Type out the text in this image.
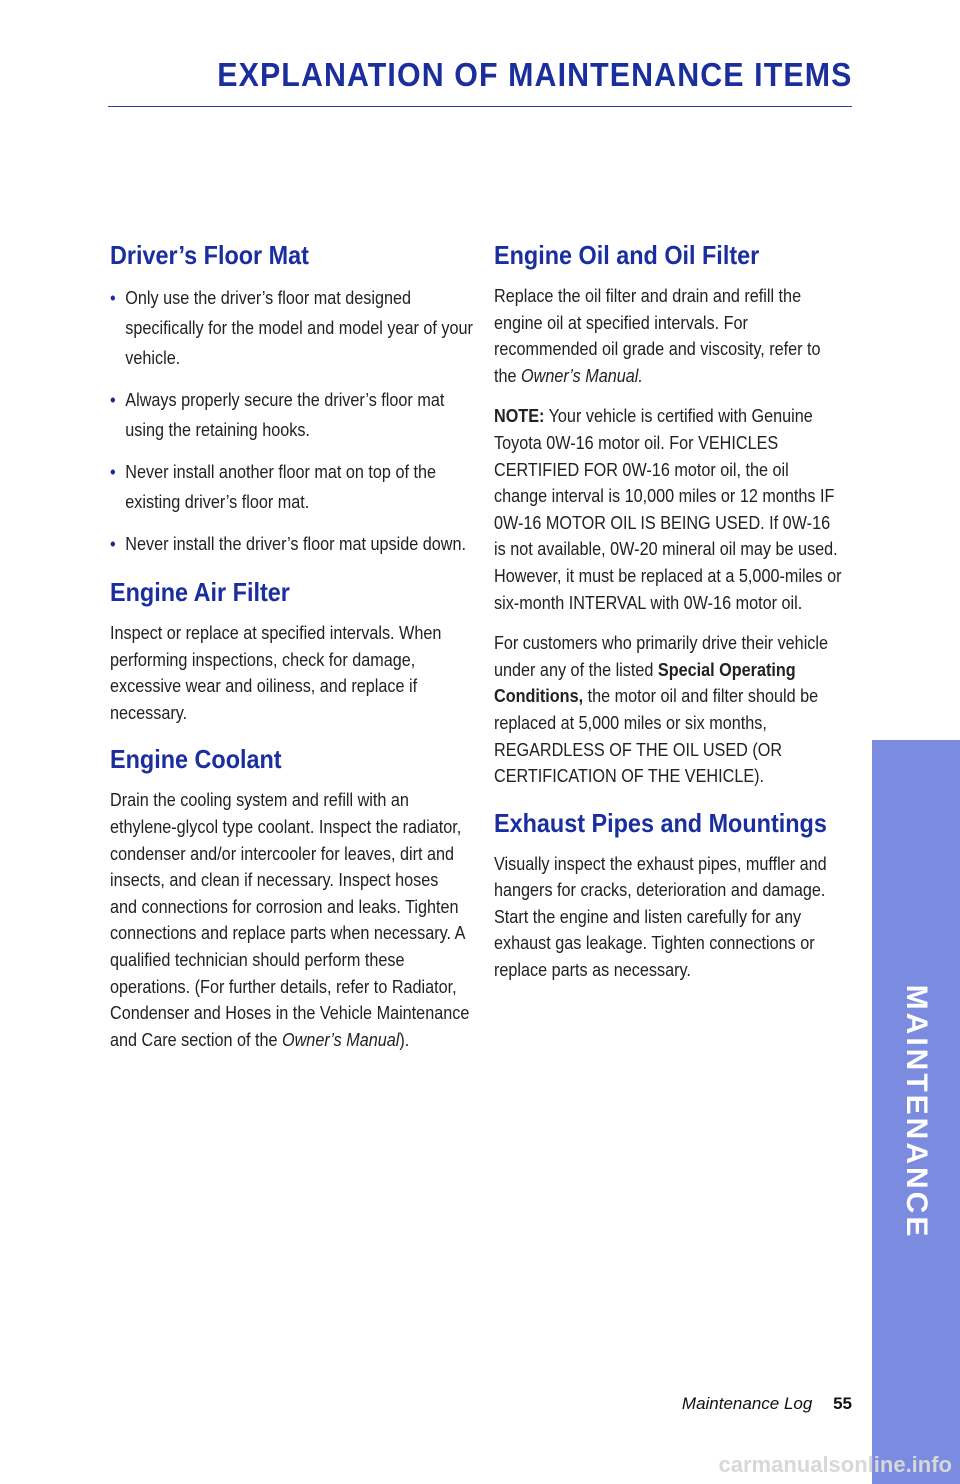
EXPLANATION OF MAINTENANCE ITEMS
Driver’s Floor Mat
• Only use the driver’s floor mat designed specifically for the model and model year of your vehicle.
• Always properly secure the driver’s floor mat using the retaining hooks.
• Never install another floor mat on top of the existing driver’s floor mat.
• Never install the driver’s floor mat upside down.
Engine Air Filter

Inspect or replace at specified intervals. When performing inspections, check for damage, excessive wear and oiliness, and replace if necessary.

Engine Coolant

Drain the cooling system and refill with an ethylene-glycol type coolant. Inspect the radiator, condenser and/or intercooler for leaves, dirt and insects, and clean if necessary. Inspect hoses and connections for corrosion and leaks. Tighten connections and replace parts when necessary. A qualified technician should perform these operations. (For further details, refer to Radiator, Condenser and Hoses in the Vehicle Maintenance and Care section of the Owner’s Manual).

Engine Oil and Oil Filter

Replace the oil filter and drain and refill the engine oil at specified intervals. For recommended oil grade and viscosity, refer to the Owner’s Manual.

NOTE: Your vehicle is certified with Genuine Toyota 0W-16 motor oil. For VEHICLES CERTIFIED FOR 0W-16 motor oil, the oil change interval is 10,000 miles or 12 months IF 0W-16 MOTOR OIL IS BEING USED. If 0W-16 is not available, 0W-20 mineral oil may be used. However, it must be replaced at a 5,000-miles or six-month INTERVAL with 0W-16 motor oil.

For customers who primarily drive their vehicle under any of the listed Special Operating Conditions, the motor oil and filter should be replaced at 5,000 miles or six months, REGARDLESS OF THE OIL USED (OR CERTIFICATION OF THE VEHICLE).

Exhaust Pipes and Mountings

Visually inspect the exhaust pipes, muffler and hangers for cracks, deterioration and damage. Start the engine and listen carefully for any exhaust gas leakage. Tighten connections or replace parts as necessary.

MAINTENANCE
Maintenance Log 55
carmanualsonline.info
